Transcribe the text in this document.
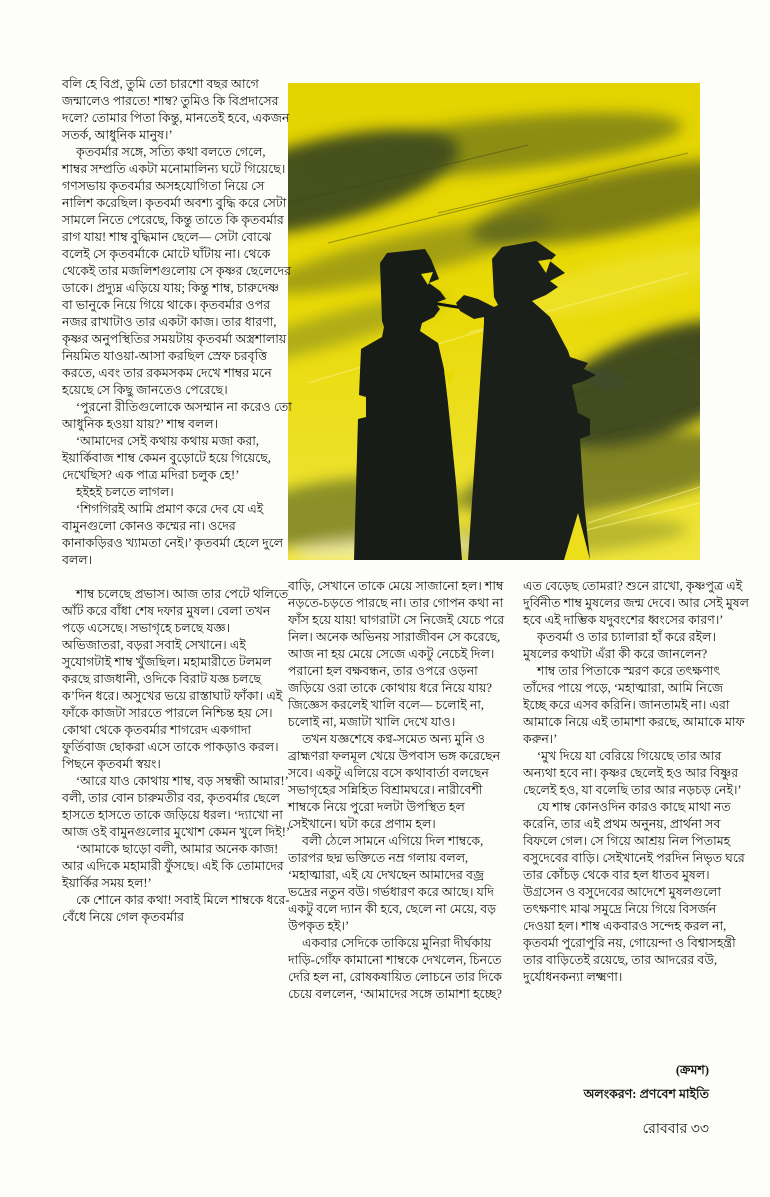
বলি হে বিপ্র, তুমি তো চারশো বছর আগে জন্মালেও পারতে! শাম্ব? তুমিও কি বিপ্রদাসের দলে? তোমার পিতা কিন্তু, মানতেই হবে, একজন সতর্ক, আধুনিক মানুষ।’

কৃতবর্মার সঙ্গে, সত্যি কথা বলতে গেলে, শাম্বর সম্প্রতি একটা মনোমালিন্য ঘটে গিয়েছে। গণসভায় কৃতবর্মার অসহযোগিতা নিয়ে সে নালিশ করেছিল। কৃতবর্মা অবশ্য বুদ্ধি করে সেটা সামলে নিতে পেরেছে, কিন্তু তাতে কি কৃতবর্মার রাগ যায়! শাম্ব বুদ্ধিমান ছেলে— সেটা বোঝে বলেই সে কৃতবর্মাকে মোটে ঘাঁটায় না। থেকে থেকেই তার মজলিশগুলোয় সে কৃষ্ণর ছেলেদের ডাকে। প্রদ্যুম্ন এড়িয়ে যায়; কিন্তু শাম্ব, চারুদেষ্ণ বা ভানুকে নিয়ে গিয়ে থাকে। কৃতবর্মার ওপর নজর রাখাটাও তার একটা কাজ। তার ধারণা, কৃষ্ণর অনুপস্থিতির সময়টায় কৃতবর্মা অস্ত্রশালায় নিয়মিত যাওয়া-আসা করছিল স্রেফ চরবৃত্তি করতে, এবং তার রকমসকম দেখে শাম্বর মনে হয়েছে সে কিছু জানতেও পেরেছে।

‘পুরনো রীতিগুলোকে অসম্মান না করেও তো আধুনিক হওয়া যায়?’ শাম্ব বলল।

‘আমাদের সেই কথায় কথায় মজা করা, ইয়ার্কিবাজ শাম্ব কেমন বুড়োটে হয়ে গিয়েছে, দেখেছিস? এক পাত্র মদিরা চলুক হে!’

হইহই চলতে লাগল।

‘শিগগিরই আমি প্রমাণ করে দেব যে এই বামুনগুলো কোনও কম্মের না। ওদের কানাকড়িরও খ্যামতা নেই।’ কৃতবর্মা হেলে দুলে বলল।

শাম্ব চলেছে প্রভাস। আজ তার পেটে থলিতে আঁট করে বাঁধা শেষ দফার মুষল। বেলা তখন পড়ে এসেছে। সভাগৃহে চলছে যজ্ঞ। অভিজাতরা, বড়রা সবাই সেখানে। এই সুযোগটাই শাম্ব খুঁজছিল। মহামারীতে টলমল করছে রাজধানী, ওদিকে বিরাট যজ্ঞ চলছে ক’দিন ধরে। অসুখের ভয়ে রাস্তাঘাট ফাঁকা। এই ফাঁকে কাজটা সারতে পারলে নিশ্চিন্ত হয় সে। কোথা থেকে কৃতবর্মার শাগরেদ একগাদা ফুর্তিবাজ ছোকরা এসে তাকে পাকড়াও করল। পিছনে কৃতবর্মা স্বয়ং।

‘আরে যাও কোথায় শাম্ব, বড় সম্বন্ধী আমার!’ বলী, তার বোন চারুমতীর বর, কৃতবর্মার ছেলে হাসতে হাসতে তাকে জড়িয়ে ধরল। ‘দ্যাখো না আজ ওই বামুনগুলোর মুখোশ কেমন খুলে দিই!’

‘আমাকে ছাড়ো বলী, আমার অনেক কাজ! আর এদিকে মহামারী ফুঁসছে। এই কি তোমাদের ইয়ার্কির সময় হল!’

কে শোনে কার কথা! সবাই মিলে শাম্বকে ধরে-বেঁধে নিয়ে গেল কৃতবর্মার

বাড়ি, সেখানে তাকে মেয়ে সাজানো হল। শাম্ব নড়তে-চড়তে পারছে না। তার গোপন কথা না ফাঁস হয়ে যায়! ঘাগরাটা সে নিজেই যেচে পরে নিল। অনেক অভিনয় সারাজীবন সে করেছে, আজ না হয় মেয়ে সেজে একটু নেচেই দিল। পরানো হল বক্ষবন্ধন, তার ওপরে ওড়না জড়িয়ে ওরা তাকে কোথায় ধরে নিয়ে যায়? জিজ্ঞেস করলেই খালি বলে— চলোই না, চলোই না, মজাটা খালি দেখে যাও।

তখন যজ্ঞশেষে কণ্ব-সমেত অন্য মুনি ও ব্রাহ্মণরা ফলমূল খেয়ে উপবাস ভঙ্গ করেছেন সবে। একটু এলিয়ে বসে কথাবার্তা বলছেন সভাগৃহের সন্নিহিত বিশ্রামঘরে। নারীবেশী শাম্বকে নিয়ে পুরো দলটা উপস্থিত হল সেইখানে। ঘটা করে প্রণাম হল।

বলী ঠেলে সামনে এগিয়ে দিল শাম্বকে, তারপর ছদ্ম ভক্তিতে নম্র গলায় বলল, ‘মহাত্মারা, এই যে দেখছেন আমাদের বজ্র ভদ্রের নতুন বউ। গর্ভধারণ করে আছে। যদি একটু বলে দ্যান কী হবে, ছেলে না মেয়ে, বড় উপকৃত হই।’

একবার সেদিকে তাকিয়ে মুনিরা দীর্ঘকায় দাড়ি-গোঁফ কামানো শাম্বকে দেখলেন, চিনতে দেরি হল না, রোষকষায়িত লোচনে তার দিকে চেয়ে বললেন, ‘আমাদের সঙ্গে তামাশা হচ্ছে?

এত বেড়েছ তোমরা? শুনে রাখো, কৃষ্ণপুত্র এই দুর্বিনীত শাম্ব মুষলের জন্ম দেবে। আর সেই মুষল হবে এই দাম্ভিক যদুবংশের ধ্বংসের কারণ।’

কৃতবর্মা ও তার চ্যালারা হাঁ করে রইল। মুষলের কথাটা এঁরা কী করে জানলেন?

শাম্ব তার পিতাকে স্মরণ করে তৎক্ষণাৎ তাঁদের পায়ে পড়ে, ‘মহাত্মারা, আমি নিজে ইচ্ছে করে এসব করিনি। জানতামই না। এরা আমাকে নিয়ে এই তামাশা করছে, আমাকে মাফ করুন।’

‘মুখ দিয়ে যা বেরিয়ে গিয়েছে তার আর অন্যথা হবে না। কৃষ্ণর ছেলেই হও আর বিষ্ণুর ছেলেই হও, যা বলেছি তার আর নড়চড় নেই।’

যে শাম্ব কোনওদিন কারও কাছে মাথা নত করেনি, তার এই প্রথম অনুনয়, প্রার্থনা সব বিফলে গেল। সে গিয়ে আশ্রয় নিল পিতামহ বসুদেবের বাড়ি। সেইখানেই পরদিন নিভৃত ঘরে তার কোঁচড় থেকে বার হল ধাতব মুষল। উগ্রসেন ও বসুদেবের আদেশে মুষলগুলো তৎক্ষণাৎ মাঝ সমুদ্রে নিয়ে গিয়ে বিসর্জন দেওয়া হল। শাম্ব একবারও সন্দেহ করল না, কৃতবর্মা পুরোপুরি নয়, গোয়েন্দা ও বিশ্বাসহন্ত্রী তার বাড়িতেই রয়েছে, তার আদরের বউ, দুর্যোধনকন্যা লক্ষ্মণা।

(ক্রমশ)
অলংকরণ: প্রণবেশ মাইতি
রোববার ৩৩
